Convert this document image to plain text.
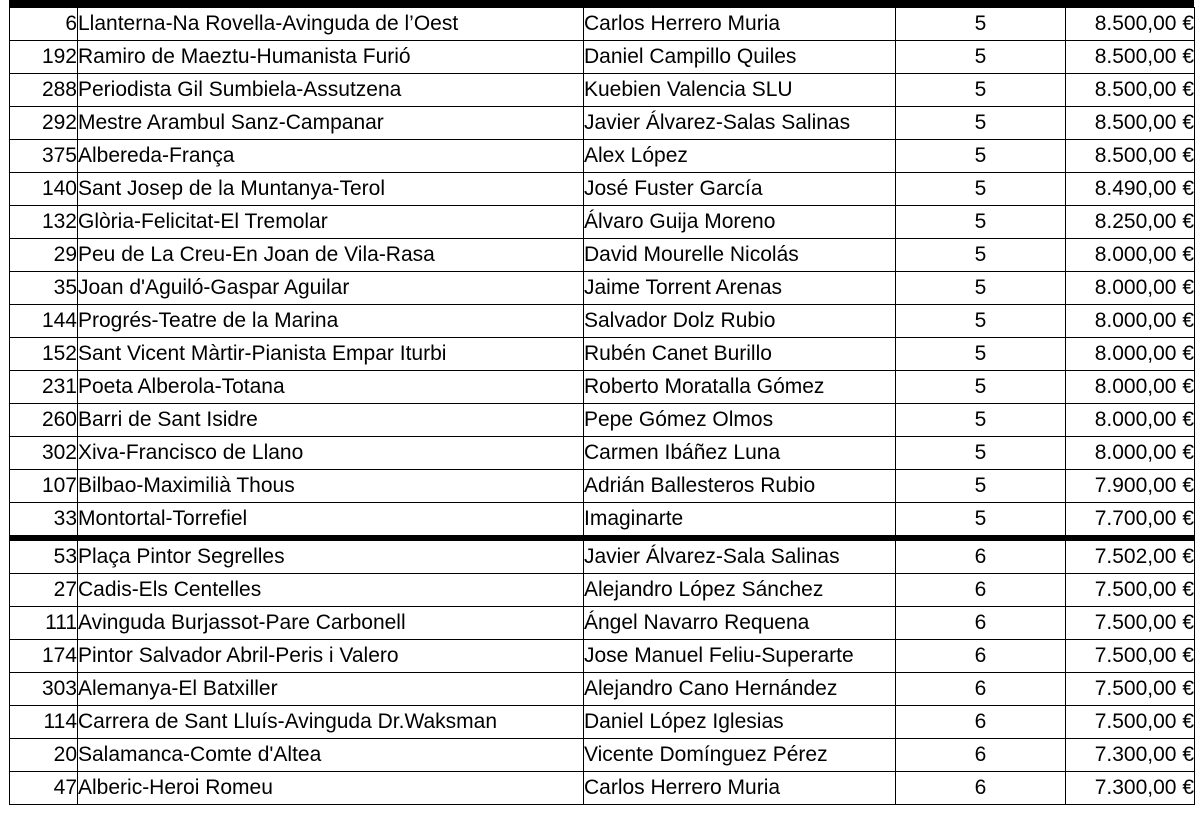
6	Llanterna-Na Rovella-Avinguda de l’Oest	Carlos Herrero Muria	5	8.500,00 €
192	Ramiro de Maeztu-Humanista Furió	Daniel Campillo Quiles	5	8.500,00 €
288	Periodista Gil Sumbiela-Assutzena	Kuebien Valencia SLU	5	8.500,00 €
292	Mestre Arambul Sanz-Campanar	Javier Álvarez-Salas Salinas	5	8.500,00 €
375	Albereda-França	Alex López	5	8.500,00 €
140	Sant Josep de la Muntanya-Terol	José Fuster García	5	8.490,00 €
132	Glòria-Felicitat-El Tremolar	Álvaro Guija Moreno	5	8.250,00 €
29	Peu de La Creu-En Joan de Vila-Rasa	David Mourelle Nicolás	5	8.000,00 €
35	Joan d'Aguiló-Gaspar Aguilar	Jaime Torrent Arenas	5	8.000,00 €
144	Progrés-Teatre de la Marina	Salvador Dolz Rubio	5	8.000,00 €
152	Sant Vicent Màrtir-Pianista Empar Iturbi	Rubén Canet Burillo	5	8.000,00 €
231	Poeta Alberola-Totana	Roberto Moratalla Gómez	5	8.000,00 €
260	Barri de Sant Isidre	Pepe Gómez Olmos	5	8.000,00 €
302	Xiva-Francisco de Llano	Carmen Ibáñez Luna	5	8.000,00 €
107	Bilbao-Maximilià Thous	Adrián Ballesteros Rubio	5	7.900,00 €
33	Montortal-Torrefiel	Imaginarte	5	7.700,00 €
53	Plaça Pintor Segrelles	Javier Álvarez-Sala Salinas	6	7.502,00 €
27	Cadis-Els Centelles	Alejandro López Sánchez	6	7.500,00 €
111	Avinguda Burjassot-Pare Carbonell	Ángel Navarro Requena	6	7.500,00 €
174	Pintor Salvador Abril-Peris i Valero	Jose Manuel Feliu-Superarte	6	7.500,00 €
303	Alemanya-El Batxiller	Alejandro Cano Hernández	6	7.500,00 €
114	Carrera de Sant Lluís-Avinguda Dr.Waksman	Daniel López Iglesias	6	7.500,00 €
20	Salamanca-Comte d'Altea	Vicente Domínguez Pérez	6	7.300,00 €
47	Alberic-Heroi Romeu	Carlos Herrero Muria	6	7.300,00 €
